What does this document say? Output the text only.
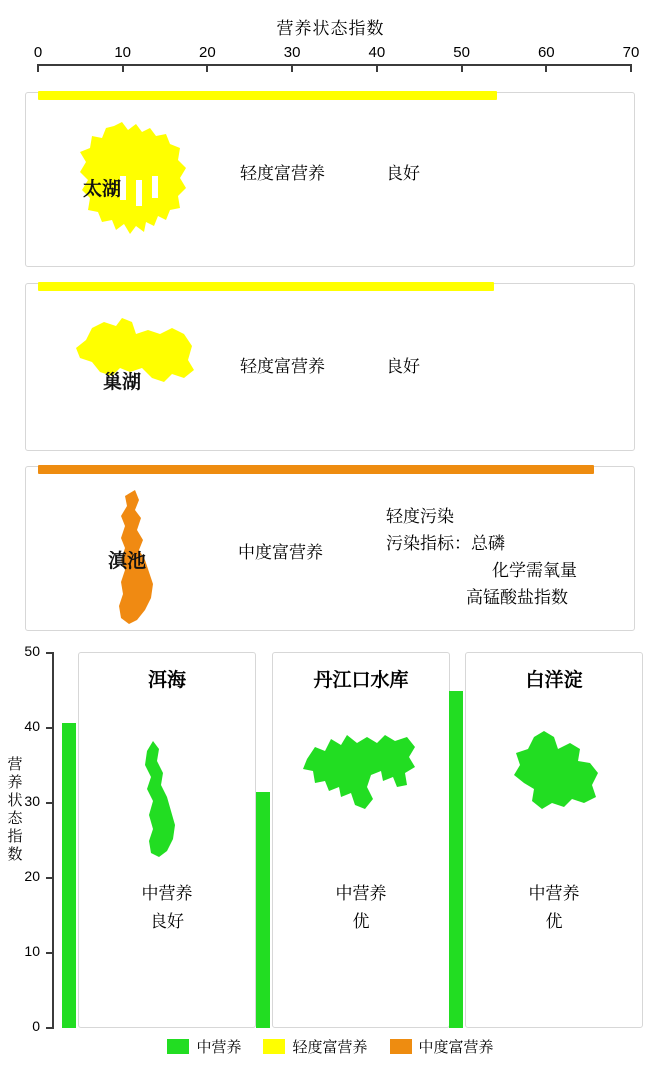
营养状态指数
0	10	20	30	40	50	60	70
太湖
轻度富营养	良好
巢湖
轻度富营养	良好
滇池	中度富营养
轻度污染
污染指标：总磷
化学需氧量
高锰酸盐指数
50
40
30
20
10
0
营
养
状
态
指
数
洱海
中营养
良好
丹江口水库
中营养
优
白洋淀
中营养
优
中营养	轻度富营养	中度富营养
